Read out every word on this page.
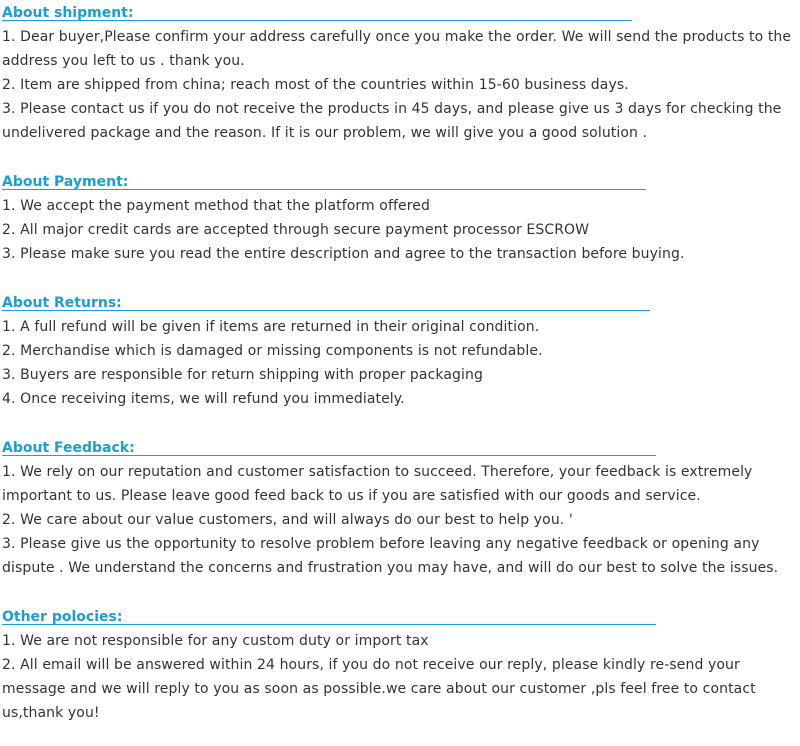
About shipment:
1. Dear buyer,Please confirm your address carefully once you make the order. We will send the products to the address you left to us . thank you.
2. Item are shipped from china; reach most of the countries within 15-60 business days.
3. Please contact us if you do not receive the products in 45 days, and please give us 3 days for checking the undelivered package and the reason. If it is our problem, we will give you a good solution .
About Payment:
1. We accept the payment method that the platform offered
2. All major credit cards are accepted through secure payment processor ESCROW
3. Please make sure you read the entire description and agree to the transaction before buying.
About Returns:
1. A full refund will be given if items are returned in their original condition.
2. Merchandise which is damaged or missing components is not refundable.
3. Buyers are responsible for return shipping with proper packaging
4. Once receiving items, we will refund you immediately.
About Feedback:
1. We rely on our reputation and customer satisfaction to succeed. Therefore, your feedback is extremely important to us. Please leave good feed back to us if you are satisfied with our goods and service.
2. We care about our value customers, and will always do our best to help you. '
3. Please give us the opportunity to resolve problem before leaving any negative feedback or opening any dispute . We understand the concerns and frustration you may have, and will do our best to solve the issues.
Other polocies:
1. We are not responsible for any custom duty or import tax
2. All email will be answered within 24 hours, if you do not receive our reply, please kindly re-send your message and we will reply to you as soon as possible.we care about our customer ,pls feel free to contact us,thank you!
